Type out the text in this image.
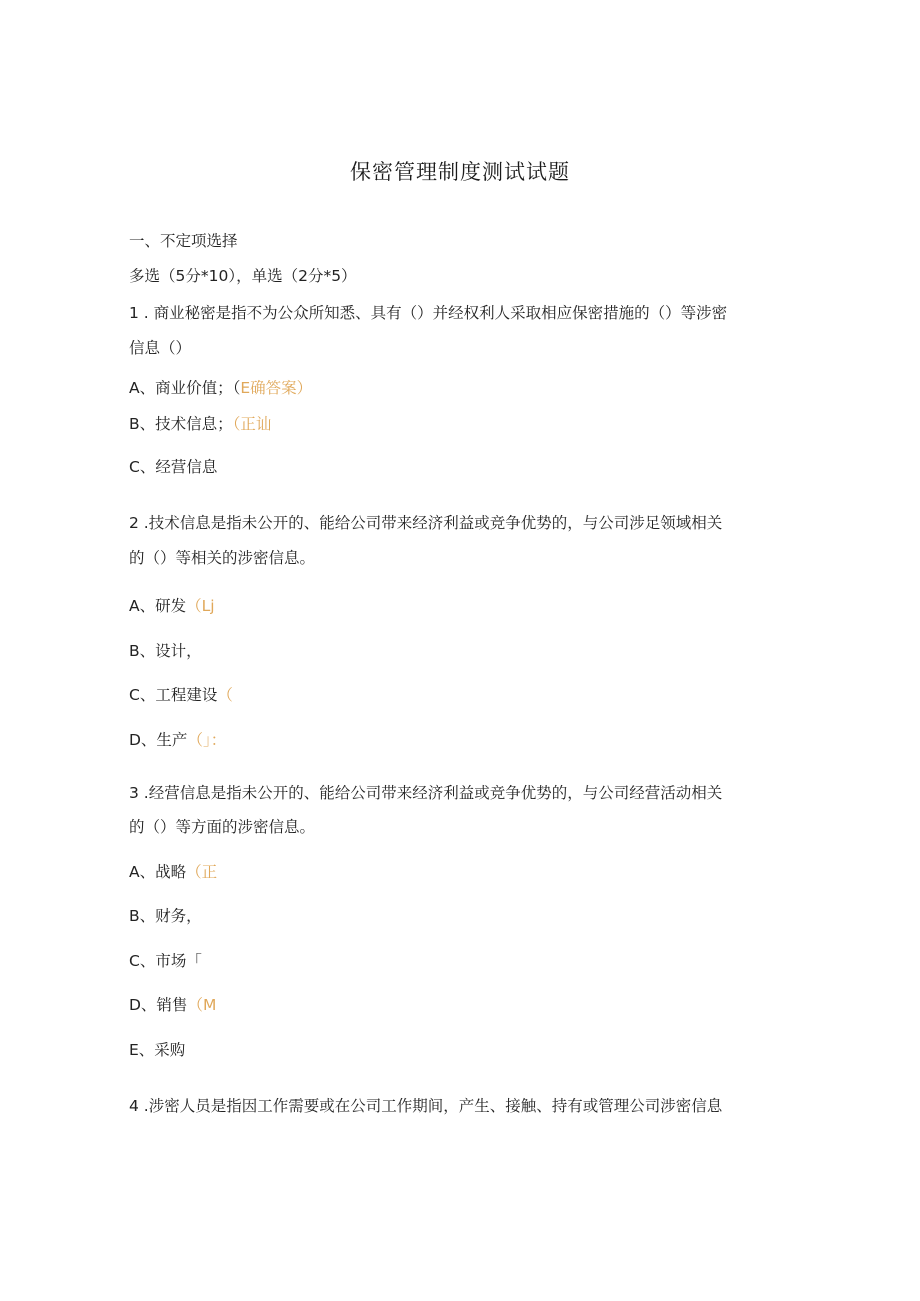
保密管理制度测试试题
一、不定项选择
多选（5分*10），单选（2分*5）
1 . 商业秘密是指不为公众所知悉、具有（）并经权利人采取相应保密措施的（）等涉密
信息（）
A、商业价值；（E确答案）
B、技术信息；（正讪
C、经营信息
2 .技术信息是指未公开的、能给公司带来经济利益或竞争优势的，与公司涉足领域相关
的（）等相关的涉密信息。
A、研发（Lj
B、设计，
C、工程建设（
D、生产（」：
3 .经营信息是指未公开的、能给公司带来经济利益或竞争优势的，与公司经营活动相关
的（）等方面的涉密信息。
A、战略（正
B、财务，
C、市场「
D、销售（M
E、采购
4 .涉密人员是指因工作需要或在公司工作期间，产生、接触、持有或管理公司涉密信息
